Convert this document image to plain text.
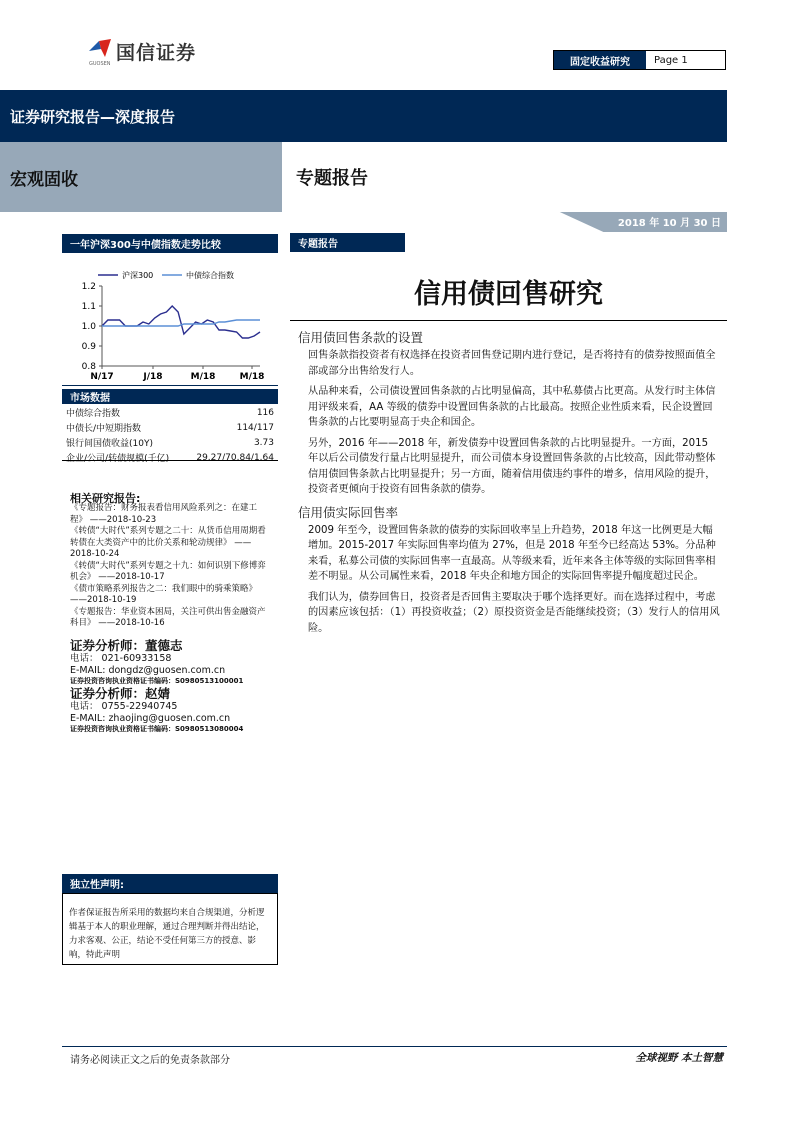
国信证券
GUOSEN	固定收益研究	Page 1
证券研究报告—深度报告
宏观固收	专题报告
2018 年 10 月 30 日
一年沪深300与中债指数走势比较
1.2
1.1
1.0
0.9
0.8
N/17	J/18	M/18	M/18
沪深300	中债综合指数
市场数据
中债综合指数	116
中债长/中短期指数	114/117
银行间国债收益(10Y)	3.73
企业/公司/转债规模(千亿)	29.27/70.84/1.64
相关研究报告:
《专题报告：财务报表看信用风险系列之：在建工程》 ——2018-10-23
《转债“大时代”系列专题之二十：从货币信用周期看转债在大类资产中的比价关系和轮动规律》 ——2018-10-24
《转债“大时代”系列专题之十九：如何识别下修博弈机会》 ——2018-10-17
《债市策略系列报告之二：我们眼中的骑乘策略》 ——2018-10-19
《专题报告：华业资本困局，关注可供出售金融资产科目》 ——2018-10-16
证券分析师：董德志
电话： 021-60933158
E-MAIL: dongdz@guosen.com.cn
证券投资咨询执业资格证书编码：S0980513100001
证券分析师：赵婧
电话： 0755-22940745
E-MAIL: zhaojing@guosen.com.cn
证券投资咨询执业资格证书编码：S0980513080004
独立性声明:
作者保证报告所采用的数据均来自合规渠道，分析逻辑基于本人的职业理解，通过合理判断并得出结论，力求客观、公正，结论不受任何第三方的授意、影响，特此声明
专题报告
信用债回售研究
信用债回售条款的设置

回售条款指投资者有权选择在投资者回售登记期内进行登记，是否将持有的债券按照面值全部或部分出售给发行人。

从品种来看，公司债设置回售条款的占比明显偏高，其中私募债占比更高。从发行时主体信用评级来看，AA 等级的债券中设置回售条款的占比最高。按照企业性质来看，民企设置回售条款的占比要明显高于央企和国企。

另外，2016 年——2018 年，新发债券中设置回售条款的占比明显提升。一方面，2015 年以后公司债发行量占比明显提升，而公司债本身设置回售条款的占比较高，因此带动整体信用债回售条款占比明显提升；另一方面，随着信用债违约事件的增多，信用风险的提升，投资者更倾向于投资有回售条款的债券。

信用债实际回售率

2009 年至今，设置回售条款的债券的实际回收率呈上升趋势，2018 年这一比例更是大幅增加。2015-2017 年实际回售率均值为 27%，但是 2018 年至今已经高达 53%。分品种来看，私募公司债的实际回售率一直最高。从等级来看，近年来各主体等级的实际回售率相差不明显。从公司属性来看，2018 年央企和地方国企的实际回售率提升幅度超过民企。

我们认为，债券回售日，投资者是否回售主要取决于哪个选择更好。而在选择过程中，考虑的因素应该包括：（1）再投资收益；（2）原投资资金是否能继续投资；（3）发行人的信用风险。

请务必阅读正文之后的免责条款部分	全球视野 本土智慧
